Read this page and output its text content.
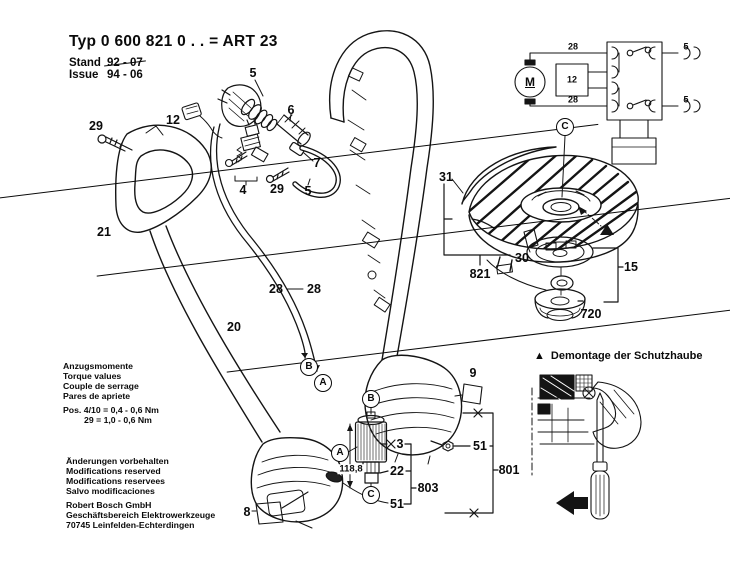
Typ 0 600 821 0 . . = ART 23
Stand 92 - 07
Issue 94 - 06
Anzugsmomente
Torque values
Couple de serrage
Pares de apriete
Pos. 4/10 = 0,4 - 0,6 Nm
29 = 1,0 - 0,6 Nm
Änderungen vorbehalten
Modifications reserved
Modifications reservees
Salvo modificaciones
Robert Bosch GmbH
Geschäftsbereich Elektrowerkzeuge
70745 Leinfelden-Echterdingen
▲ Demontage der Schutzhaube
29	12
5
6
7
5
4 29
28 28
31
21
821
30
15
20
720
9
118,8
3
22
803
51
51
801
8
M	12
28
28
5
5
B
A
B
A
C
C
